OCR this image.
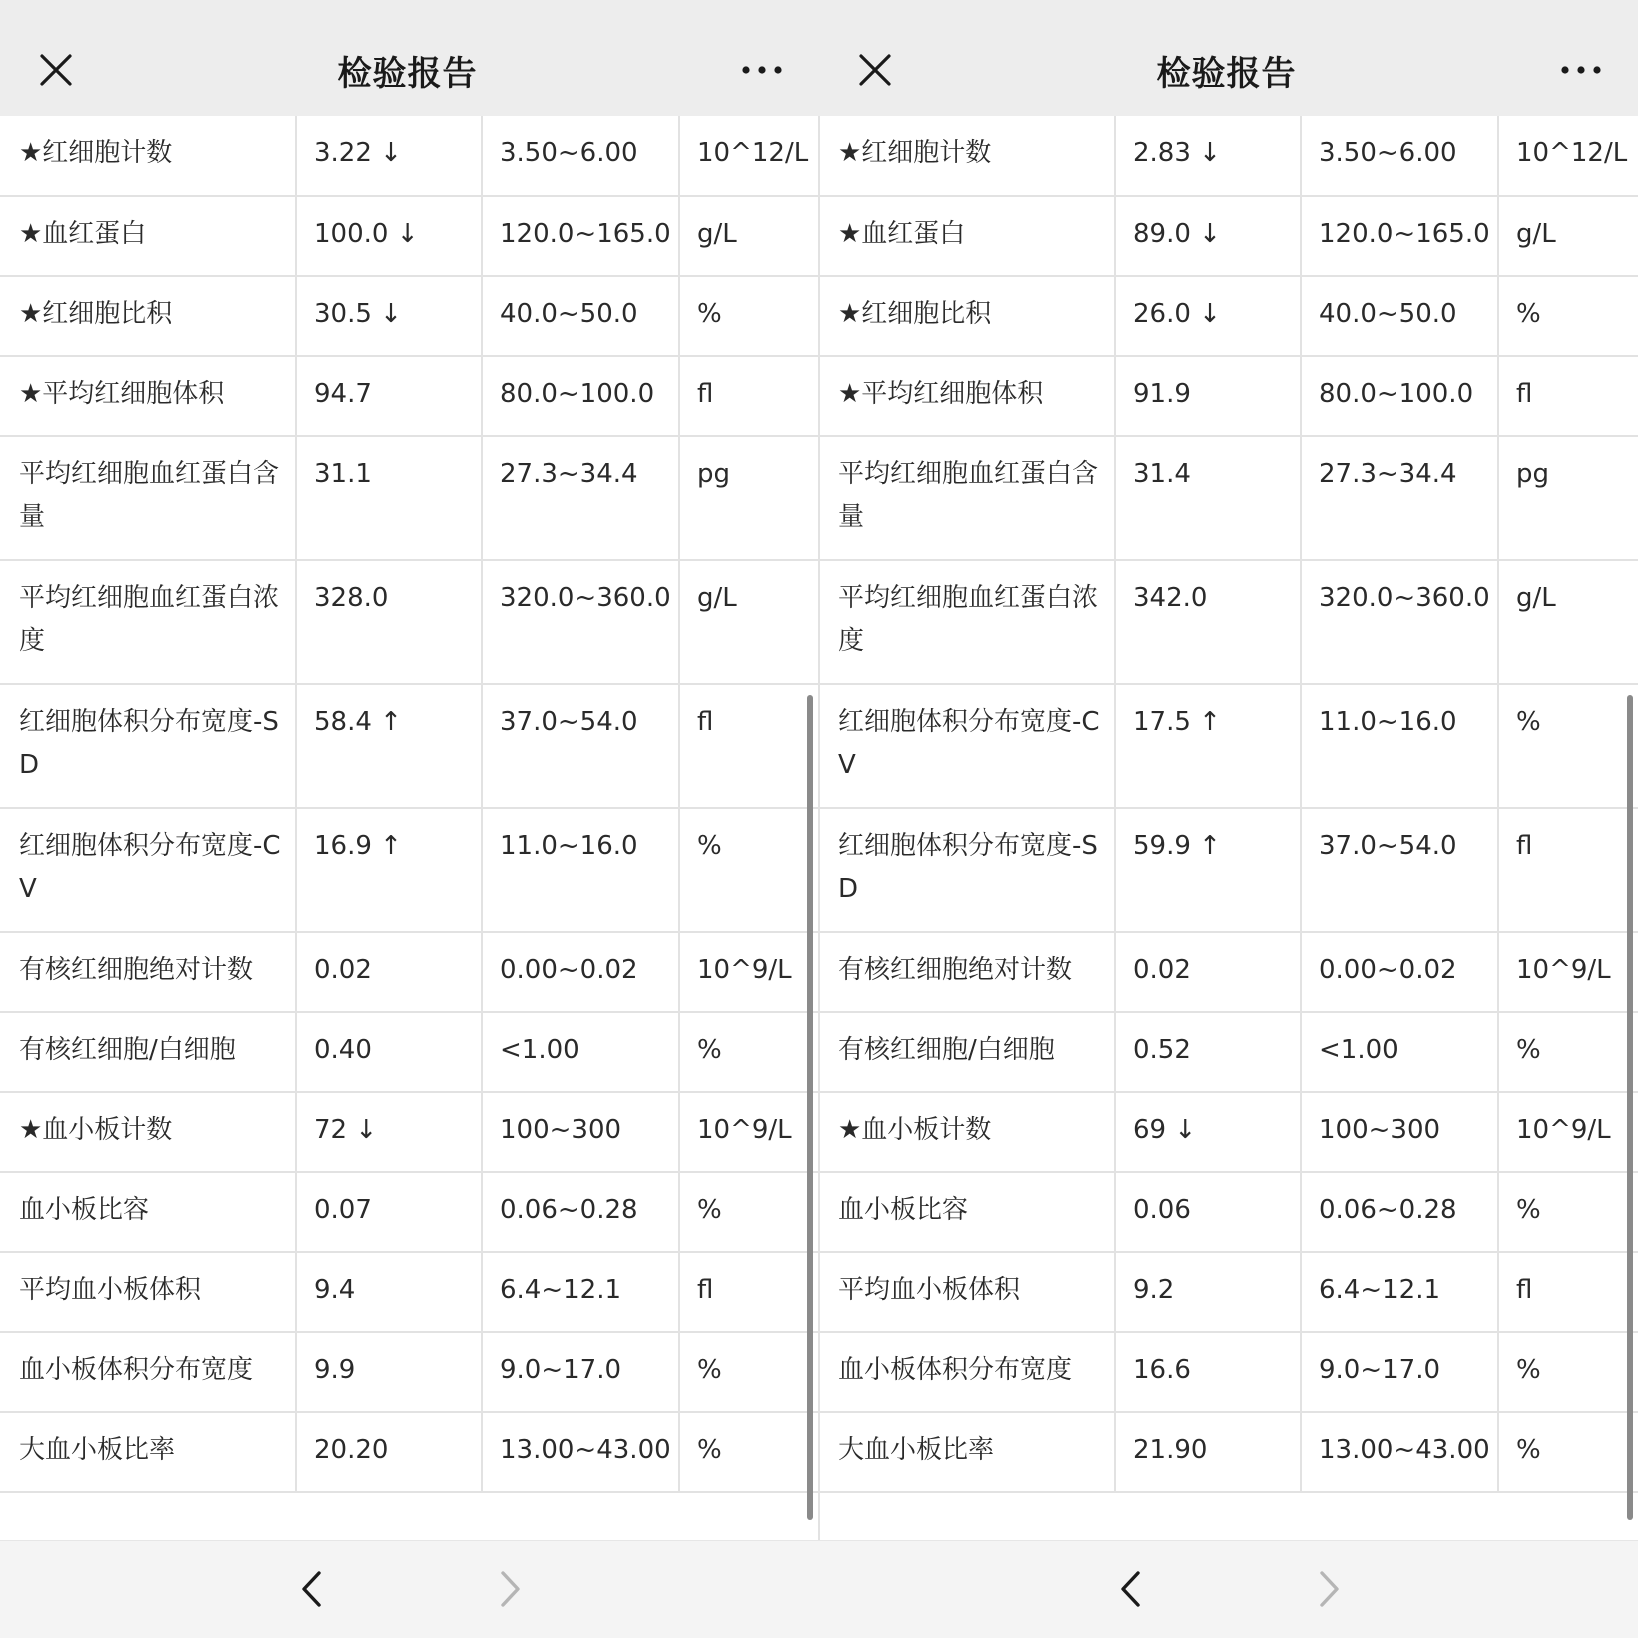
检验报告
★红细胞计数	3.22 ↓	3.50~6.00	10^12/L
★血红蛋白	100.0 ↓	120.0~165.0	g/L
★红细胞比积	30.5 ↓	40.0~50.0	%
★平均红细胞体积	94.7	80.0~100.0	fl
平均红细胞血红蛋白含量	31.1	27.3~34.4	pg
平均红细胞血红蛋白浓度	328.0	320.0~360.0	g/L
红细胞体积分布宽度-SD	58.4 ↑	37.0~54.0	fl
红细胞体积分布宽度-CV	16.9 ↑	11.0~16.0	%
有核红细胞绝对计数	0.02	0.00~0.02	10^9/L
有核红细胞/白细胞	0.40	<1.00	%
★血小板计数	72 ↓	100~300	10^9/L
血小板比容	0.07	0.06~0.28	%
平均血小板体积	9.4	6.4~12.1	fl
血小板体积分布宽度	9.9	9.0~17.0	%
大血小板比率	20.20	13.00~43.00	%
检验报告
★红细胞计数	2.83 ↓	3.50~6.00	10^12/L
★血红蛋白	89.0 ↓	120.0~165.0	g/L
★红细胞比积	26.0 ↓	40.0~50.0	%
★平均红细胞体积	91.9	80.0~100.0	fl
平均红细胞血红蛋白含量	31.4	27.3~34.4	pg
平均红细胞血红蛋白浓度	342.0	320.0~360.0	g/L
红细胞体积分布宽度-CV	17.5 ↑	11.0~16.0	%
红细胞体积分布宽度-SD	59.9 ↑	37.0~54.0	fl
有核红细胞绝对计数	0.02	0.00~0.02	10^9/L
有核红细胞/白细胞	0.52	<1.00	%
★血小板计数	69 ↓	100~300	10^9/L
血小板比容	0.06	0.06~0.28	%
平均血小板体积	9.2	6.4~12.1	fl
血小板体积分布宽度	16.6	9.0~17.0	%
大血小板比率	21.90	13.00~43.00	%
